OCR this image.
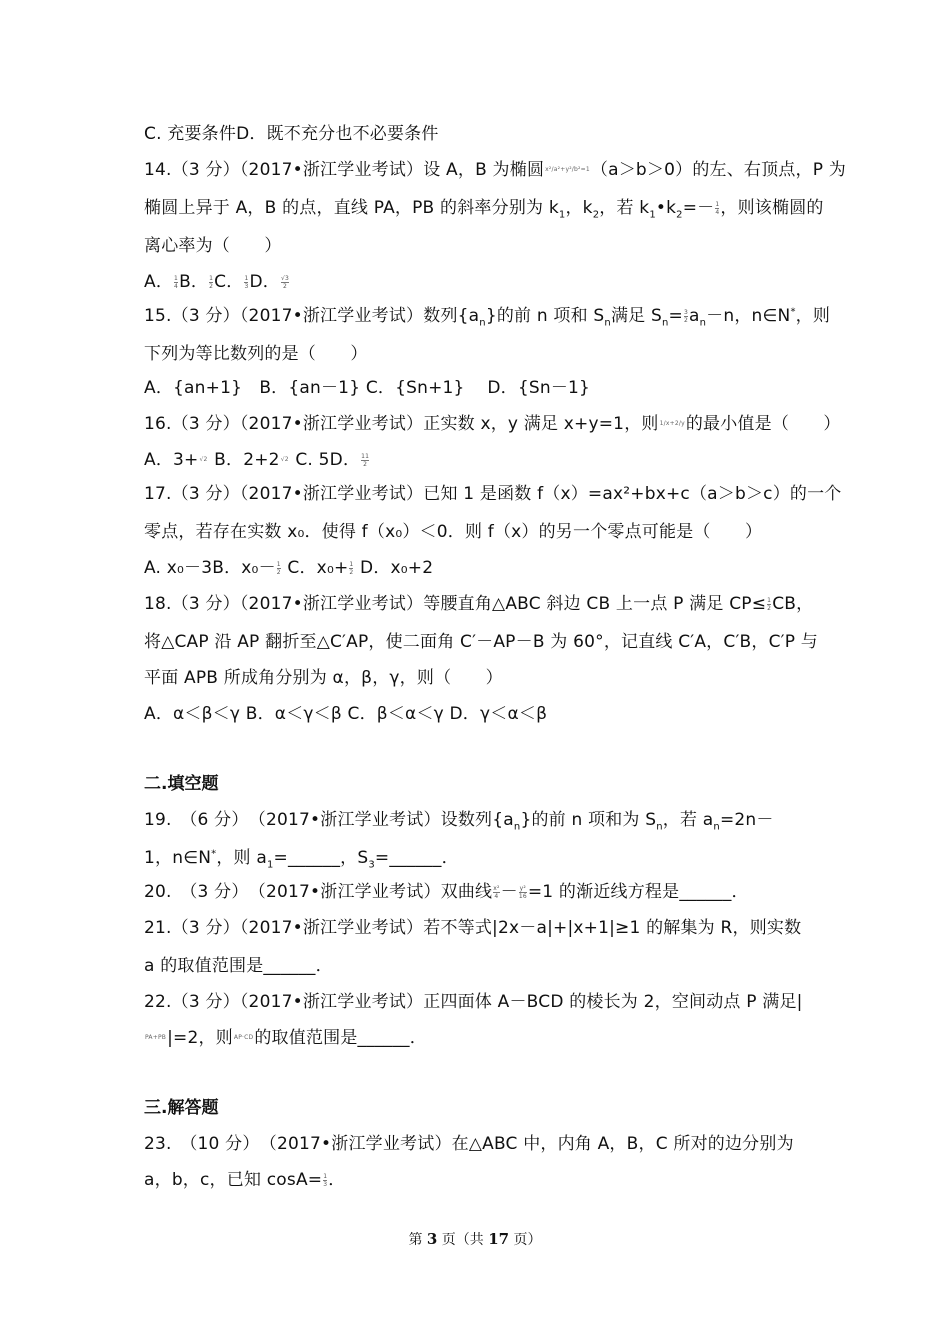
C. 充要条件D．既不充分也不必要条件
14.（3 分）（2017•浙江学业考试）设 A，B 为椭圆x²/a²+y²/b²=1（a＞b＞0）的左、右顶点，P 为
椭圆上异于 A，B 的点，直线 PA，PB 的斜率分别为 $k_1$，$k_2$，若 $k_1•k_2=- \frac{1}{4}$ ，则该椭圆的
离心率为（　　）
A． $\frac{1}{4}$ B． $\frac{1}{2}$ C． $\frac{1}{3}$ D． $\frac{√3}{2}$
15.（3 分）（2017•浙江学业考试）数列$\{a_n\}$的前 n 项和 $S_n$满足 $S_n= \frac{3}{2} a_n-n$，n∈N*，则
下列为等比数列的是（　　）
A．{an+1}　B．{an－1} C．{Sn+1}　 D．{Sn－1}
16.（3 分）（2017•浙江学业考试）正实数 x，y 满足 x+y=1，则1/x+2/y的最小值是（　　）
A．3+√2 B．2+2√2 C. 5D． $\frac{11}{2}$
17.（3 分）（2017•浙江学业考试）已知 1 是函数 f（x）=ax²+bx+c（a＞b＞c）的一个
零点，若存在实数 x₀．使得 f（x₀）＜0．则 f（x）的另一个零点可能是（　　）
A. x₀－3B．$x_0- \frac{1}{2}$ C．$x_0+ \frac{1}{2}$ D．x₀+2
18.（3 分）（2017•浙江学业考试）等腰直角△ABC 斜边 CB 上一点 P 满足 $CP\le \frac{1}{2}$ CB，
将△CAP 沿 AP 翻折至△C′AP，使二面角 C′－AP－B 为 60°，记直线 C′A，C′B，C′P 与
平面 APB 所成角分别为 α，β，γ，则（　　）
A．α＜β＜γ B．α＜γ＜β C．β＜α＜γ D．γ＜α＜β
二.填空题
19.　（6 分）　（2017•浙江学业考试）设数列$\{a_n\}$的前 n 项和为 $S_n$，若 $a_n=2n-$
1，n∈N*，则 $a_1=\_\_\_\_\_\_$，$S_3=\_\_\_\_\_\_$．
20.　（3 分）　（2017•浙江学业考试）双曲线 $\frac{\text{x²}}{4} - \frac{\text{y²}}{16} =1$ 的渐近线方程是______．
21.（3 分）（2017•浙江学业考试）若不等式|2x－a|+|x+1|≥1 的解集为 R，则实数
a 的取值范围是______．
22.（3 分）（2017•浙江学业考试）正四面体 A－BCD 的棱长为 2，空间动点 P 满足|
PA+PB|=2，则AP·CD的取值范围是______．
三.解答题
23.　（10 分）　（2017•浙江学业考试）在△ABC 中，内角 A，B，C 所对的边分别为
a，b，c，已知 $\cos A= \frac{1}{3}$ ．
第 3 页（共 17 页）
